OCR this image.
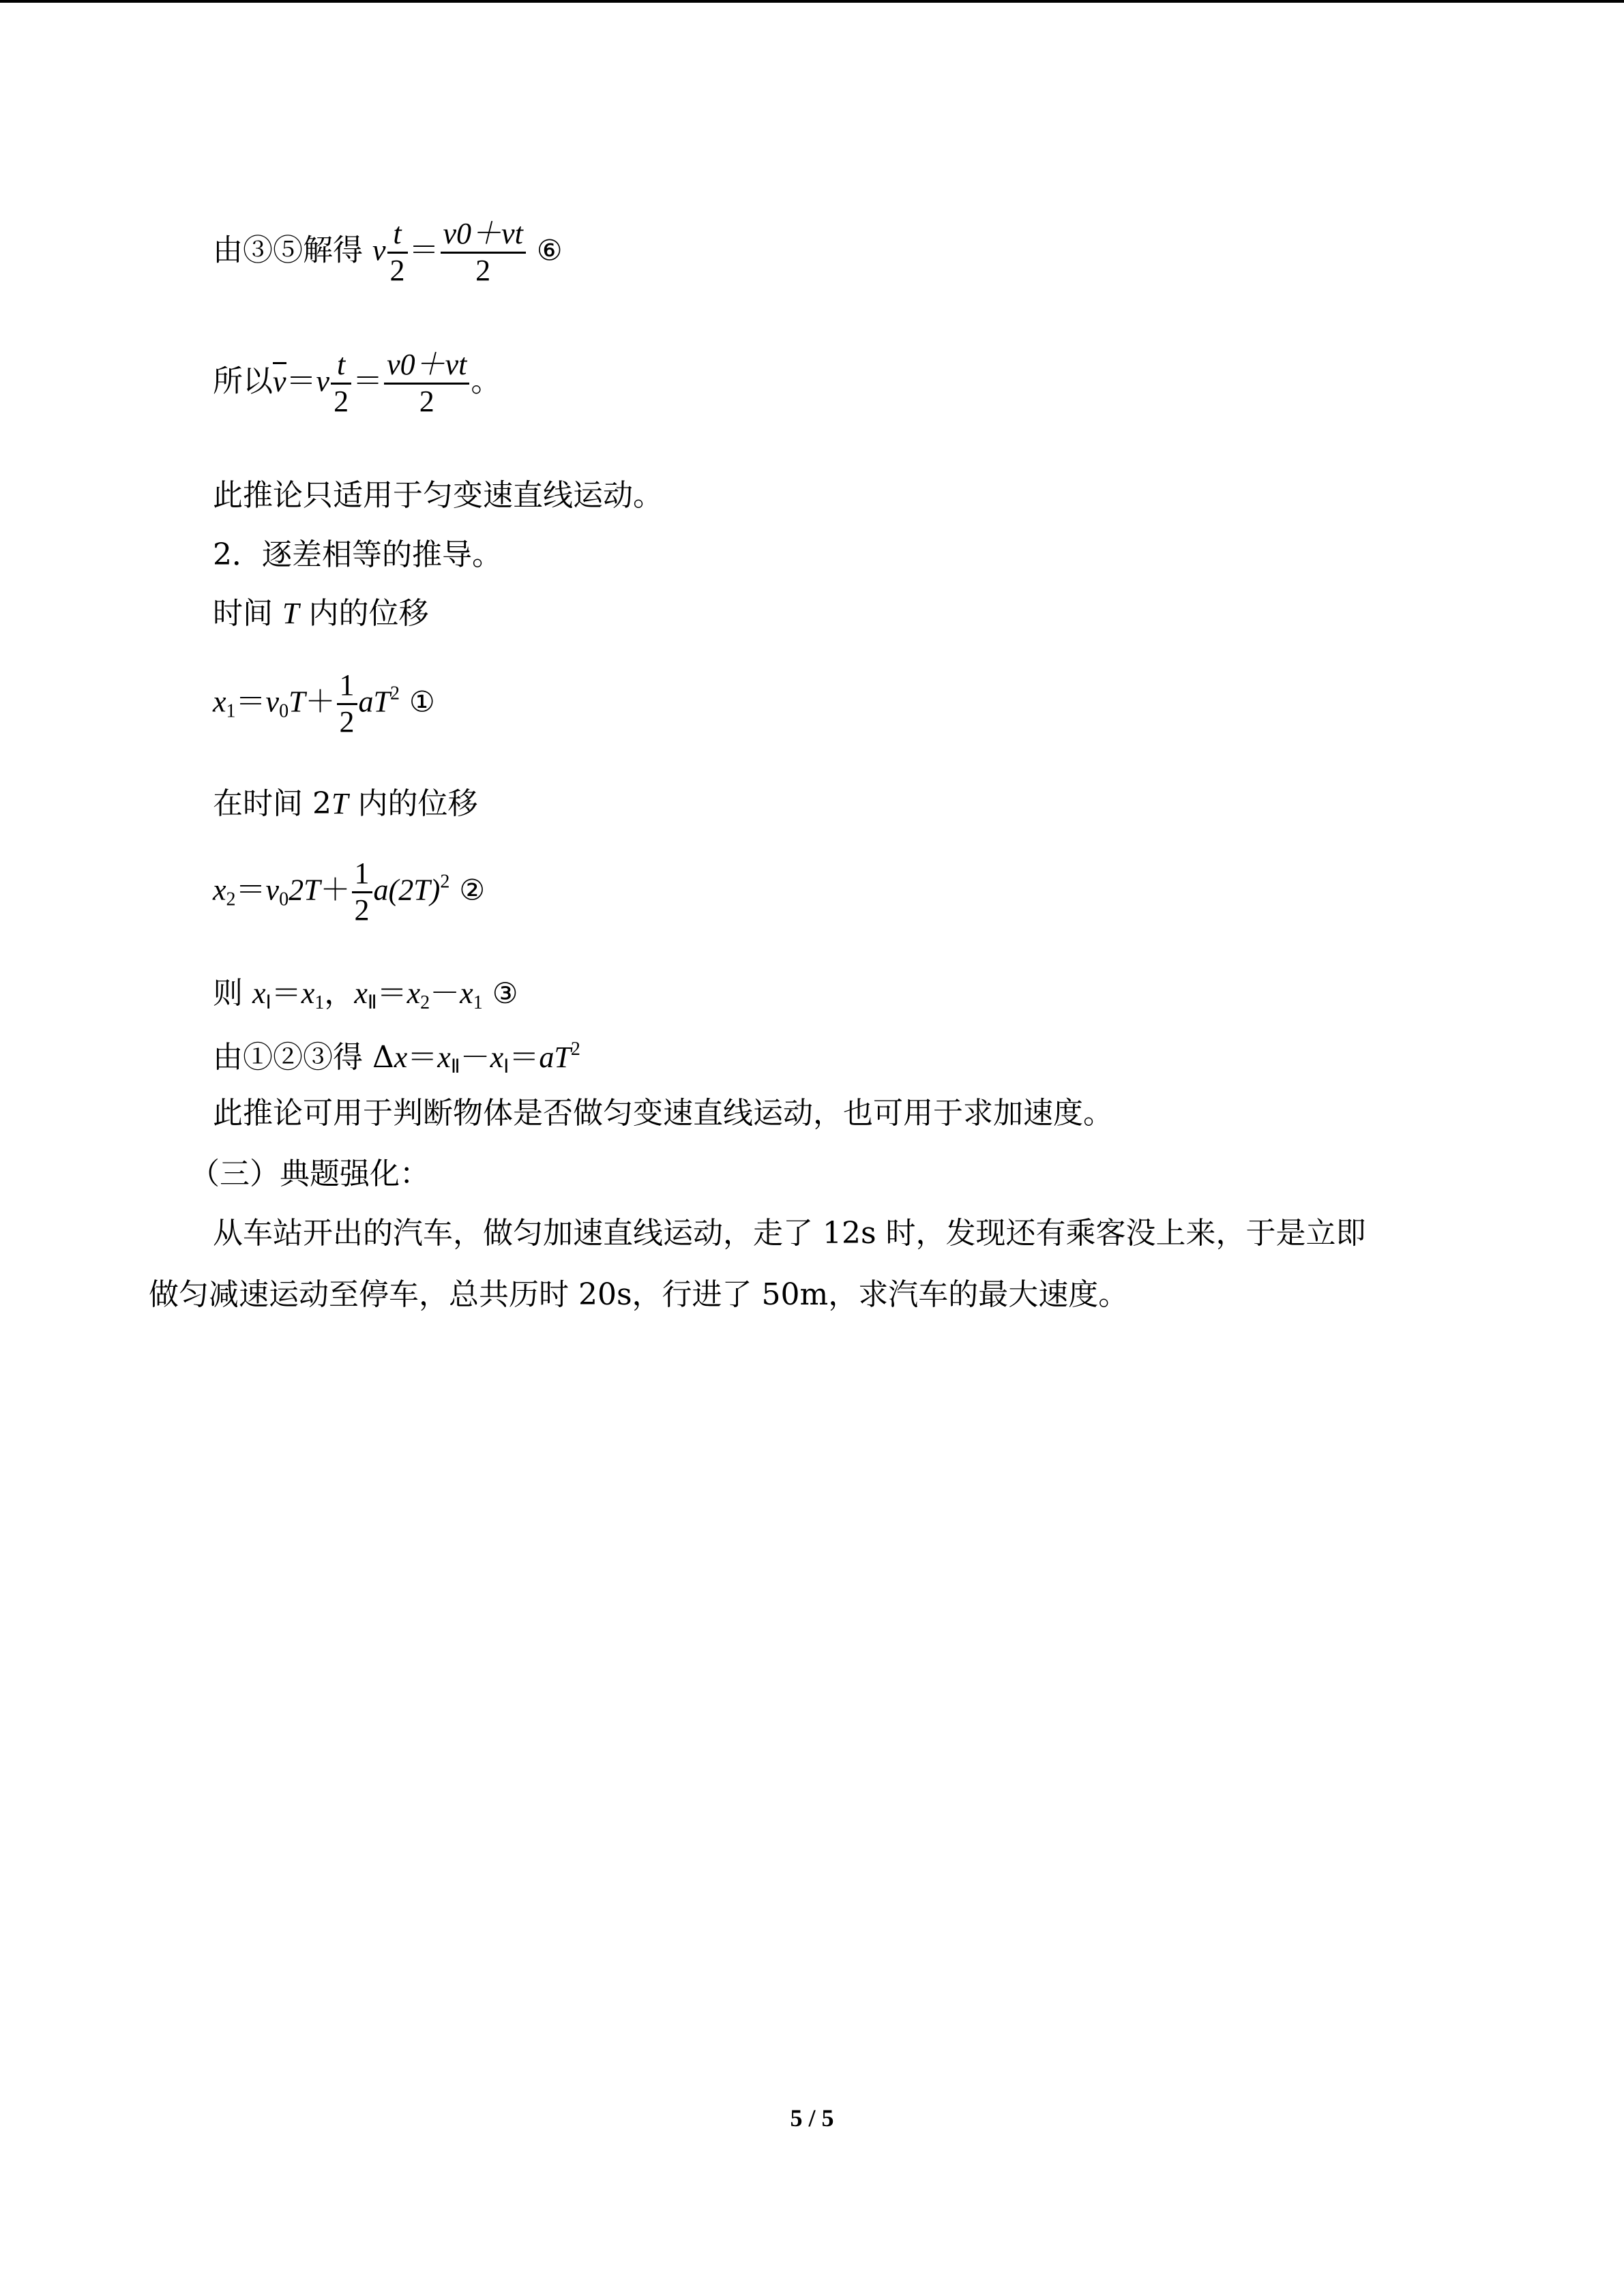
由③⑤解得 v $\frac{t}{2} = \frac{v0+vt}{2}$ ⑥
所以$v=v \frac{t}{2} = \frac{v0+vt}{2}$ 。
此推论只适用于匀变速直线运动。
2．逐差相等的推导。
时间 T 内的位移
$x_1=v_0T+ \frac{1}{2} aT^2$ ①
在时间 2T 内的位移
$x_2=v_02T+ \frac{1}{2} a(2T)^2$ ②
则 $x_Ⅰ=x_1$，$x_Ⅱ=x_2-x_1$ ③
由①②③得 $\Delta x=x_Ⅱ-x_Ⅰ=aT^2$
此推论可用于判断物体是否做匀变速直线运动，也可用于求加速度。
（三）典题强化：
从车站开出的汽车，做匀加速直线运动，走了 12s 时，发现还有乘客没上来，于是立即
做匀减速运动至停车，总共历时 20s，行进了 50m，求汽车的最大速度。
5 / 5
